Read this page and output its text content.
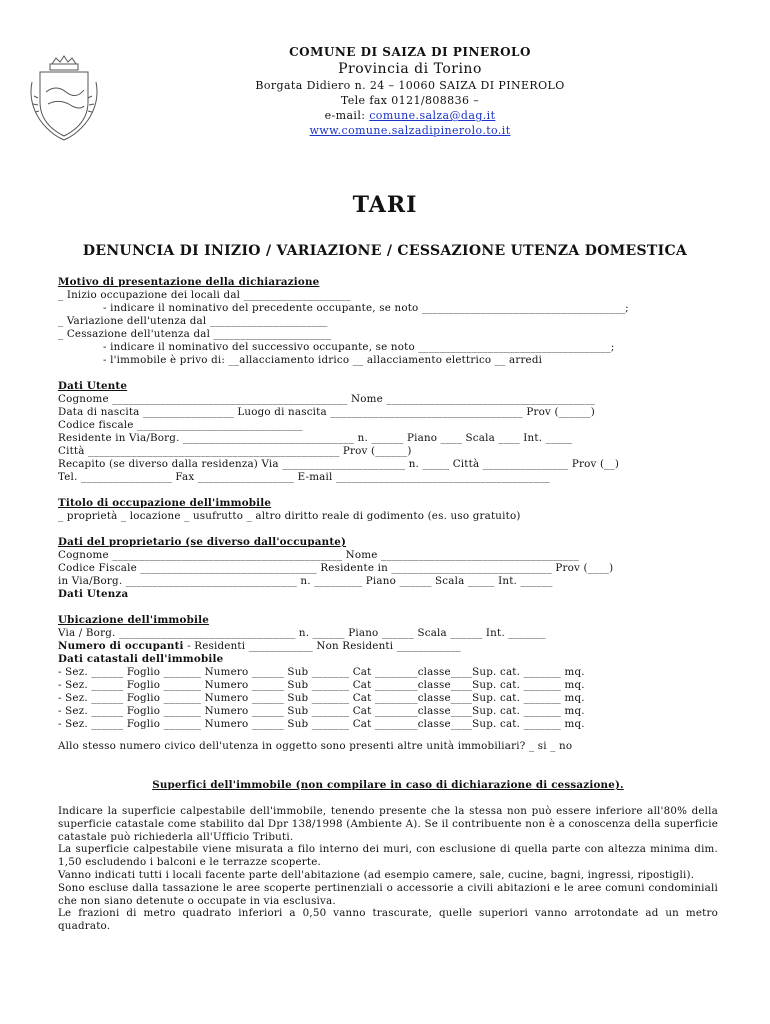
COMUNE DI SAIZA DI PINEROLO
Provincia di Torino
Borgata Didiero n. 24 – 10060 SAIZA DI PINEROLO
Tele fax 0121/808836 –
e-mail: comune.salza@dag.it
www.comune.salzadipinerolo.to.it
TARI
DENUNCIA DI INIZIO / VARIAZIONE / CESSAZIONE UTENZA DOMESTICA
Motivo di presentazione della dichiarazione
_ Inizio occupazione dei locali dal ____________________
- indicare il nominativo del precedente occupante, se noto ______________________________________;
_ Variazione dell'utenza dal ______________________
_ Cessazione dell'utenza dal ______________________
- indicare il nominativo del successivo occupante, se noto ____________________________________;
- l'immobile è privo di: __allacciamento idrico __ allacciamento elettrico __ arredi
Dati Utente
Cognome ____________________________________________ Nome _______________________________________
Data di nascita _________________ Luogo di nascita ____________________________________ Prov (______)
Codice fiscale _______________________________
Residente in Via/Borg. ________________________________ n. ______ Piano ____ Scala ____ Int. _____
Città _______________________________________________ Prov (______)
Recapito (se diverso dalla residenza) Via _______________________ n. _____ Città ________________ Prov (__)
Tel. _________________ Fax __________________ E-mail ________________________________________
Titolo di occupazione dell'immobile
_ proprietà _ locazione _ usufrutto _ altro diritto reale di godimento (es. uso gratuito)
Dati del proprietario (se diverso dall'occupante)
Cognome ___________________________________________ Nome _____________________________________
Codice Fiscale _________________________________ Residente in ______________________________ Prov (____)
in Via/Borg. ________________________________ n. _________ Piano ______ Scala _____ Int. ______
Dati Utenza
Ubicazione dell'immobile
Via / Borg. _________________________________ n. ______ Piano ______ Scala ______ Int. _______
Numero di occupanti - Residenti ____________ Non Residenti ____________
Dati catastali dell'immobile
- Sez. ______ Foglio _______ Numero ______ Sub _______ Cat ________classe____Sup. cat. _______ mq.
- Sez. ______ Foglio _______ Numero ______ Sub _______ Cat ________classe____Sup. cat. _______ mq.
- Sez. ______ Foglio _______ Numero ______ Sub _______ Cat ________classe____Sup. cat. _______ mq.
- Sez. ______ Foglio _______ Numero ______ Sub _______ Cat ________classe____Sup. cat. _______ mq.
- Sez. ______ Foglio _______ Numero ______ Sub _______ Cat ________classe____Sup. cat. _______ mq.
Allo stesso numero civico dell'utenza in oggetto sono presenti altre unità immobiliari? _ si _ no
Superfici dell'immobile (non compilare in caso di dichiarazione di cessazione).
Indicare la superficie calpestabile dell'immobile, tenendo presente che la stessa non può essere inferiore all'80% della superficie catastale come stabilito dal Dpr 138/1998 (Ambiente A). Se il contribuente non è a conoscenza della superficie catastale può richiederla all'Ufficio Tributi.
La superficie calpestabile viene misurata a filo interno dei muri, con esclusione di quella parte con altezza minima dim. 1,50 escludendo i balconi e le terrazze scoperte.
Vanno indicati tutti i locali facente parte dell'abitazione (ad esempio camere, sale, cucine, bagni, ingressi, ripostigli).
Sono escluse dalla tassazione le aree scoperte pertinenziali o accessorie a civili abitazioni e le aree comuni condominiali che non siano detenute o occupate in via esclusiva.
Le frazioni di metro quadrato inferiori a 0,50 vanno trascurate, quelle superiori vanno arrotondate ad un metro quadrato.
